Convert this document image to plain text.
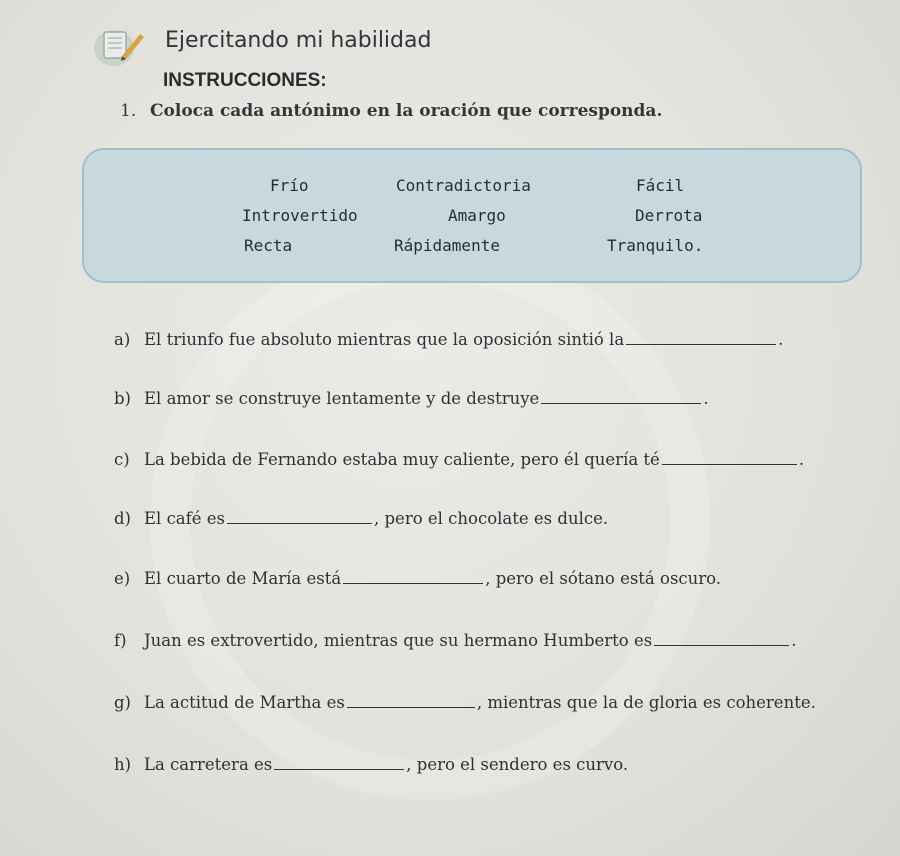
Ejercitando mi habilidad
INSTRUCCIONES:
1. Coloca cada antónimo en la oración que corresponda.
Frío	Contradictoria	Fácil
Introvertido	Amargo	Derrota
Recta	Rápidamente	Tranquilo.
a) El triunfo fue absoluto mientras que la oposición sintió la	.
b) El amor se construye lentamente y de destruye	.
c) La bebida de Fernando estaba muy caliente, pero él quería té	.
d) El café es	, pero el chocolate es dulce.
e) El cuarto de María está	, pero el sótano está oscuro.
f) Juan es extrovertido, mientras que su hermano Humberto es	.
g) La actitud de Martha es	, mientras que la de gloria es coherente.
h) La carretera es	, pero el sendero es curvo.
